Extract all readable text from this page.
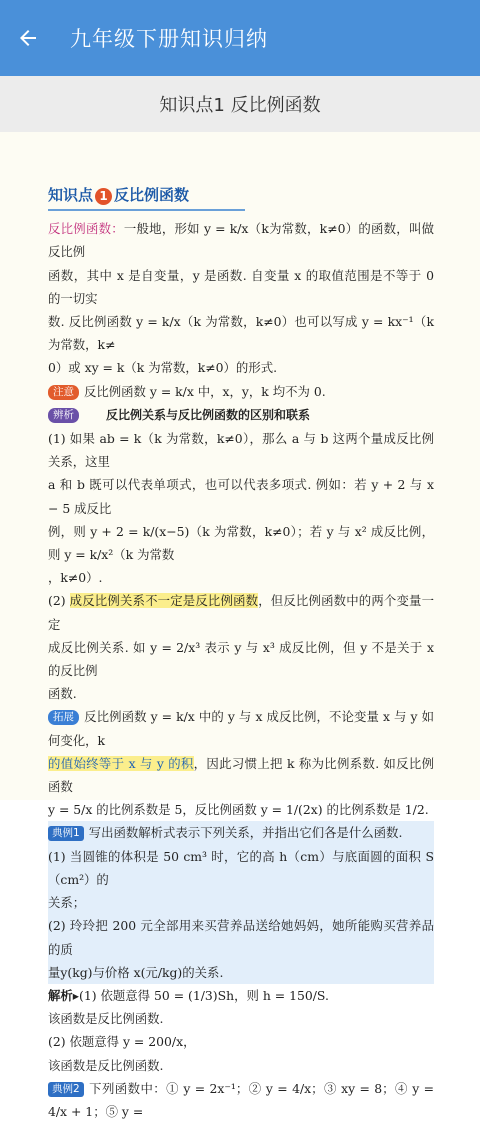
九年级下册知识归纳
知识点1 反比例函数
知识点 1 反比例函数
反比例函数：一般地，形如 y = k/x（k为常数，k≠0）的函数，叫做反比例
函数，其中 x 是自变量，y 是函数. 自变量 x 的取值范围是不等于 0 的一切实
数. 反比例函数 y = k/x（k 为常数，k≠0）也可以写成 y = kx⁻¹（k 为常数，k≠
0）或 xy = k（k 为常数，k≠0）的形式.
注意 反比例函数 y = k/x 中，x，y，k 均不为 0.
辨析	反比例关系与反比例函数的区别和联系
(1) 如果 ab = k（k 为常数，k≠0），那么 a 与 b 这两个量成反比例关系，这里
a 和 b 既可以代表单项式，也可以代表多项式. 例如：若 y + 2 与 x − 5 成反比
例，则 y + 2 = k/(x−5)（k 为常数，k≠0）；若 y 与 x² 成反比例，则 y = k/x²（k 为常数
，k≠0）.
(2) 成反比例关系不一定是反比例函数，但反比例函数中的两个变量一定
成反比例关系. 如 y = 2/x³ 表示 y 与 x³ 成反比例，但 y 不是关于 x 的反比例
函数.
拓展 反比例函数 y = k/x 中的 y 与 x 成反比例，不论变量 x 与 y 如何变化，k
的值始终等于 x 与 y 的积，因此习惯上把 k 称为比例系数. 如反比例函数
y = 5/x 的比例系数是 5，反比例函数 y = 1/(2x) 的比例系数是 1/2.
典例1 写出函数解析式表示下列关系，并指出它们各是什么函数.
(1) 当圆锥的体积是 50 cm³ 时，它的高 h（cm）与底面圆的面积 S（cm²）的
关系；
(2) 玲玲把 200 元全部用来买营养品送给她妈妈，她所能购买营养品的质
量y(kg)与价格 x(元/kg)的关系.
解析▸(1) 依题意得 50 = (1/3)Sh，则 h = 150/S.
该函数是反比例函数.
(2) 依题意得 y = 200/x，
该函数是反比例函数.
典例2 下列函数中：① y = 2x⁻¹；② y = 4/x；③ xy = 8；④ y = 4/x + 1；⑤ y =
